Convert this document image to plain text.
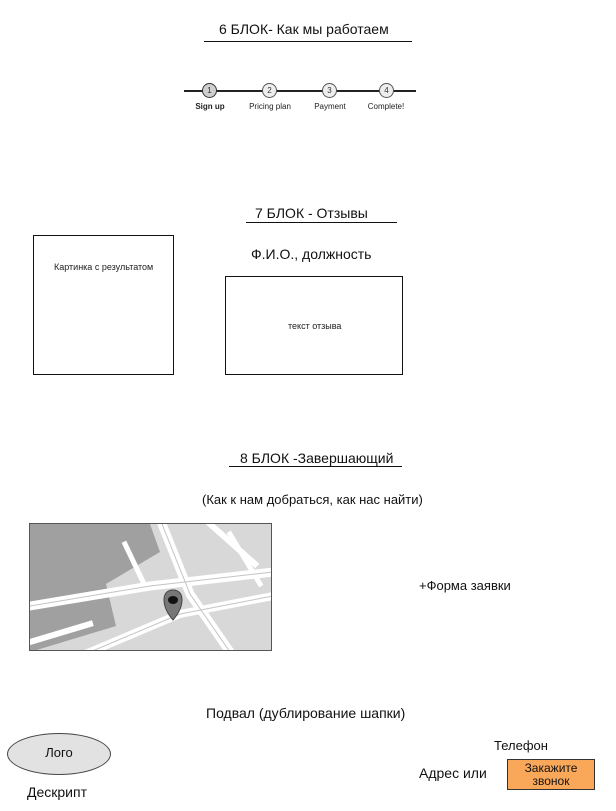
6 БЛОК- Как мы работаем
1	2	3	4
Sign up	Pricing plan	Payment	Complete!
7 БЛОК - Отзывы
Картинка с результатом
Ф.И.О., должность
текст отзыва
8 БЛОК -Завершающий
(Как к нам добраться, как нас найти)
+Форма заявки
Подвал (дублирование шапки)
Лого
Дескрипт
Телефон
Адрес или	Закажите звонок
